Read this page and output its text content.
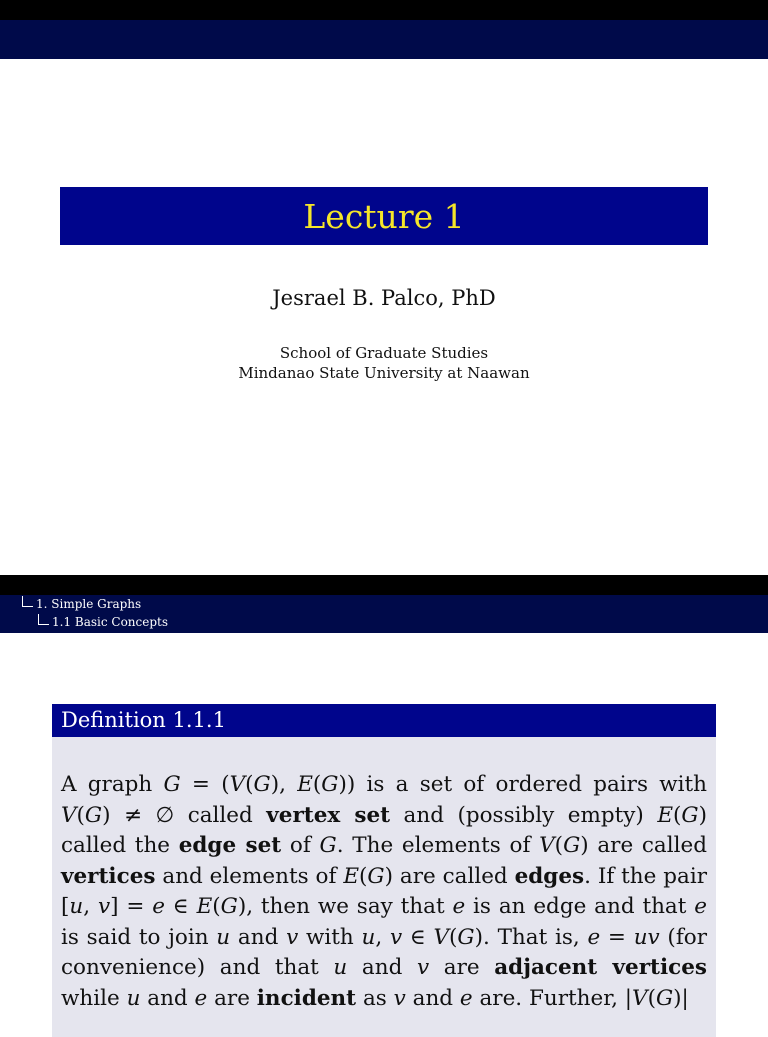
Lecture 1
Jesrael B. Palco, PhD
School of Graduate Studies
Mindanao State University at Naawan
1. Simple Graphs
1.1 Basic Concepts
Definition 1.1.1

A graph G = (V(G), E(G)) is a set of ordered pairs with V(G) ≠ ∅ called vertex set and (possibly empty) E(G) called the edge set of G. The elements of V(G) are called vertices and elements of E(G) are called edges. If the pair [u, v] = e ∈ E(G), then we say that e is an edge and that e is said to join u and v with u, v ∈ V(G). That is, e = uv (for convenience) and that u and v are adjacent vertices while u and e are incident as v and e are. Further, |V(G)|
